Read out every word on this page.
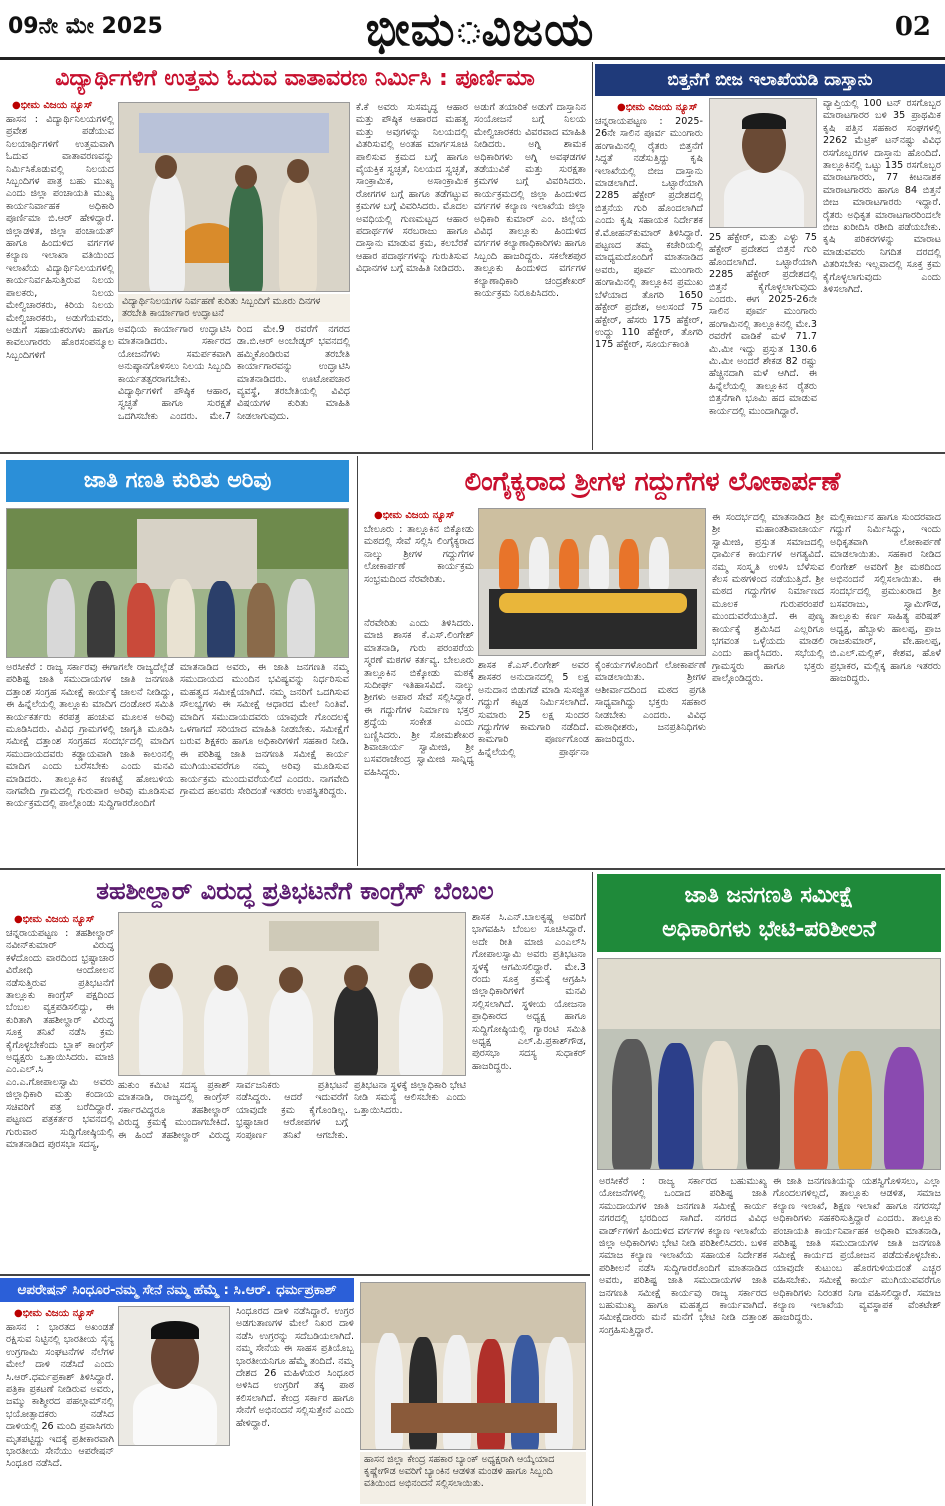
09ನೇ ಮೇ 2025	ಭೀಮ ವಿಜಯ	02
ವಿದ್ಯಾರ್ಥಿಗಳಿಗೆ ಉತ್ತಮ ಓದುವ ವಾತಾವರಣ ನಿರ್ಮಿಸಿ : ಪೂರ್ಣಿಮಾ
● ಭೀಮ ವಿಜಯ ನ್ಯೂಸ್
ಹಾಸನ : ವಿದ್ಯಾರ್ಥಿನಿಲಯಗಳಲ್ಲಿ ಪ್ರವೇಶ ಪಡೆಯುವ ನಿಲಯಾರ್ಥಿಗಳಿಗೆ ಉತ್ತಮವಾಗಿ ಓದುವ ವಾತಾವರಣವನ್ನು ನಿರ್ಮಿಸಿಕೊಡುವಲ್ಲಿ ನಿಲಯದ ಸಿಬ್ಬಂದಿಗಳ ಪಾತ್ರ ಬಹು ಮುಖ್ಯ ಎಂದು ಜಿಲ್ಲಾ ಪಂಚಾಯತಿ ಮುಖ್ಯ ಕಾರ್ಯನಿರ್ವಾಹಕ ಅಧಿಕಾರಿ ಪೂರ್ಣಿಮಾ ಬಿ.ಆರ್ ಹೇಳಿದ್ದಾರೆ. ಜಿಲ್ಲಾಡಳಿತ, ಜಿಲ್ಲಾ ಪಂಚಾಯತ್ ಹಾಗೂ ಹಿಂದುಳಿದ ವರ್ಗಗಳ ಕಲ್ಯಾಣ ಇಲಾಖಾ ವತಿಯಿಂದ ಇಲಾಖೆಯ ವಿದ್ಯಾರ್ಥಿನಿಲಯಗಳಲ್ಲಿ ಕಾರ್ಯನಿರ್ವಹಿಸುತ್ತಿರುವ ನಿಲಯ ಪಾಲಕರು, ನಿಲಯ ಮೇಲ್ವಿಚಾರಕರು, ಕಿರಿಯ ನಿಲಯ ಮೇಲ್ವಿಚಾರಕರು, ಅಡುಗೆಯವರು, ಅಡುಗೆ ಸಹಾಯಕರುಗಳು ಹಾಗೂ ಕಾವಲುಗಾರರು ಹೊರಸಂಪನ್ಮೂಲ ಸಿಬ್ಬಂದಿಗಳಿಗೆ
ವಿದ್ಯಾರ್ಥಿನಿಲಯಗಳ ನಿರ್ವಹಣೆ ಕುರಿತು ಸಿಬ್ಬಂದಿಗೆ ಮೂರು ದಿನಗಳ ತರಬೇತಿ ಕಾರ್ಯಾಗಾರ ಉದ್ಘಾಟನೆ
ಅವಧಿಯ ಕಾರ್ಯಾಗಾರ ಉದ್ಘಾಟಿಸಿ ಮಾತನಾಡಿದರು. ಸರ್ಕಾರದ ಯೋಜನೆಗಳು ಸಮರ್ಪಕವಾಗಿ ಅನುಷ್ಠಾನಗೊಳಿಸಲು ನಿಲಯ ಸಿಬ್ಬಂದಿ ಕಾರ್ಯತತ್ಪರರಾಗಬೇಕು. ವಿದ್ಯಾರ್ಥಿಗಳಿಗೆ ಪೌಷ್ಠಿಕ ಆಹಾರ, ಸ್ವಚ್ಛತೆ ಹಾಗೂ ಸುರಕ್ಷತೆ ಒದಗಿಸಬೇಕು ಎಂದರು. ಮೇ.7 ರಿಂದ ಮೇ.9 ರವರೆಗೆ ನಗರದ ಡಾ.ಬಿ.ಆರ್ ಅಂಬೇಡ್ಕರ್ ಭವನದಲ್ಲಿ ಹಮ್ಮಿಕೊಂಡಿರುವ ತರಬೇತಿ ಕಾರ್ಯಾಗಾರವನ್ನು ಉದ್ಘಾಟಿಸಿ ಮಾತನಾಡಿದರು. ಊಟೋಪಚಾರ ವ್ಯವಸ್ಥೆ, ತರಬೇತಿಯಲ್ಲಿ ವಿವಿಧ ವಿಷಯಗಳ ಕುರಿತು ಮಾಹಿತಿ ನೀಡಲಾಗುವುದು.
ಕೆ.ಕೆ ಅವರು ಸುಸಮೃದ್ಧ ಆಹಾರ ಮತ್ತು ಪೌಷ್ಠಿಕ ಆಹಾರದ ಮಹತ್ವ ಮತ್ತು ಅವುಗಳನ್ನು ನಿಲಯದಲ್ಲಿ ವಿತರಿಸುವಲ್ಲಿ ಅಂತಹ ಮಾರ್ಗಸೂಚಿ ಪಾಲಿಸುವ ಕ್ರಮದ ಬಗ್ಗೆ ಹಾಗೂ ವೈಯಕ್ತಿಕ ಸ್ವಚ್ಛತೆ, ನಿಲಯದ ಸ್ವಚ್ಛತೆ, ಸಾಂಕ್ರಾಮಿಕ, ಅಸಾಂಕ್ರಾಮಿಕ ರೋಗಗಳ ಬಗ್ಗೆ ಹಾಗೂ ತಡೆಗಟ್ಟುವ ಕ್ರಮಗಳ ಬಗ್ಗೆ ವಿವರಿಸಿದರು. ಮೊದಲ ಅವಧಿಯಲ್ಲಿ ಗುಣಮಟ್ಟದ ಆಹಾರ ಪದಾರ್ಥಗಳ ಸರಬರಾಜು ಹಾಗೂ ದಾಸ್ತಾನು ಮಾಡುವ ಕ್ರಮ, ಕಲಬೆರಕೆ ಆಹಾರ ಪದಾರ್ಥಗಳನ್ನು ಗುರುತಿಸುವ ವಿಧಾನಗಳ ಬಗ್ಗೆ ಮಾಹಿತಿ ನೀಡಿದರು.
ಅಡುಗೆ ತಯಾರಿಕೆ ಅಡುಗೆ ದಾಸ್ತಾನಿನ ಸಂಯೋಜನೆ ಬಗ್ಗೆ ನಿಲಯ ಮೇಲ್ವಿಚಾರಕರು ವಿವರವಾದ ಮಾಹಿತಿ ನೀಡಿದರು. ಅಗ್ನಿ ಶಾಮಕ ಅಧಿಕಾರಿಗಳು ಅಗ್ನಿ ಅವಘಡಗಳ ತಡೆಯುವಿಕೆ ಮತ್ತು ಸುರಕ್ಷತಾ ಕ್ರಮಗಳ ಬಗ್ಗೆ ವಿವರಿಸಿದರು. ಕಾರ್ಯಕ್ರಮದಲ್ಲಿ ಜಿಲ್ಲಾ ಹಿಂದುಳಿದ ವರ್ಗಗಳ ಕಲ್ಯಾಣ ಇಲಾಖೆಯ ಜಿಲ್ಲಾ ಅಧಿಕಾರಿ ಕುಮಾರ್ ಎಂ. ಜಿಲ್ಲೆಯ ವಿವಿಧ ತಾಲ್ಲೂಕು ಹಿಂದುಳಿದ ವರ್ಗಗಳ ಕಲ್ಯಾಣಾಧಿಕಾರಿಗಳು ಹಾಗೂ ಸಿಬ್ಬಂದಿ ಹಾಜರಿದ್ದರು. ಸಕಲೇಶಪುರ ತಾಲ್ಲೂಕು ಹಿಂದುಳಿದ ವರ್ಗಗಳ ಕಲ್ಯಾಣಾಧಿಕಾರಿ ಚಂದ್ರಶೇಖರ್ ಕಾರ್ಯಕ್ರಮ ನಿರೂಪಿಸಿದರು.
ಬಿತ್ತನೆಗೆ ಬೀಜ ಇಲಾಖೆಯಡಿ ದಾಸ್ತಾನು
● ಭೀಮ ವಿಜಯ ನ್ಯೂಸ್
ಚನ್ನರಾಯಪಟ್ಟಣ : 2025-26ನೇ ಸಾಲಿನ ಪೂರ್ವ ಮುಂಗಾರು ಹಂಗಾಮಿನಲ್ಲಿ ರೈತರು ಬಿತ್ತನೆಗೆ ಸಿದ್ಧತೆ ನಡೆಸುತ್ತಿದ್ದು ಕೃಷಿ ಇಲಾಖೆಯಲ್ಲಿ ಬೀಜ ದಾಸ್ತಾನು ಮಾಡಲಾಗಿದೆ. ಒಟ್ಟಾರೆಯಾಗಿ 2285 ಹೆಕ್ಟೇರ್ ಪ್ರದೇಶದಲ್ಲಿ ಬಿತ್ತನೆಯ ಗುರಿ ಹೊಂದಲಾಗಿದೆ ಎಂದು ಕೃಷಿ ಸಹಾಯಕ ನಿರ್ದೇಶಕ ಕೆ.ಮೋಹನ್‌ಕುಮಾರ್ ತಿಳಿಸಿದ್ದಾರೆ. ಪಟ್ಟಣದ ತಮ್ಮ ಕಚೇರಿಯಲ್ಲಿ ಮಾಧ್ಯಮದೊಂದಿಗೆ ಮಾತನಾಡಿದ ಅವರು, ಪೂರ್ವ ಮುಂಗಾರು ಹಂಗಾಮಿನಲ್ಲಿ ತಾಲ್ಲೂಕಿನ ಪ್ರಮುಖ ಬೆಳೆಯಾದ ತೊಗರಿ 1650 ಹೆಕ್ಟೇರ್ ಪ್ರದೇಶ, ಅಲಸಂದೆ 75 ಹೆಕ್ಟೇರ್, ಹೆಸರು 175 ಹೆಕ್ಟೇರ್, ಉದ್ದು 110 ಹೆಕ್ಟೇರ್, ತೊಗರಿ 175 ಹೆಕ್ಟೇರ್, ಸೂರ್ಯಕಾಂತಿ
25 ಹೆಕ್ಟೇರ್, ಮತ್ತು ಎಳ್ಳು 75 ಹೆಕ್ಟೇರ್ ಪ್ರದೇಶದ ಬಿತ್ತನೆ ಗುರಿ ಹೊಂದಲಾಗಿದೆ. ಒಟ್ಟಾರೆಯಾಗಿ 2285 ಹೆಕ್ಟೇರ್ ಪ್ರದೇಶದಲ್ಲಿ ಬಿತ್ತನೆ ಕೈಗೊಳ್ಳಲಾಗುವುದು ಎಂದರು. ಈಗ 2025-26ನೇ ಸಾಲಿನ ಪೂರ್ವ ಮುಂಗಾರು ಹಂಗಾಮಿನಲ್ಲಿ ತಾಲ್ಲೂಕಿನಲ್ಲಿ ಮೇ.3 ರವರೆಗೆ ವಾಡಿಕೆ ಮಳೆ 71.7 ಮಿ.ಮೀ ಇದ್ದು ಪ್ರಸ್ತುತ 130.6 ಮಿ.ಮೀ ಅಂದರೆ ಶೇಕಡ 82 ರಷ್ಟು ಹೆಚ್ಚಿನದಾಗಿ ಮಳೆ ಆಗಿದೆ. ಈ ಹಿನ್ನೆಲೆಯಲ್ಲಿ ತಾಲ್ಲೂಕಿನ ರೈತರು ಬಿತ್ತನೆಗಾಗಿ ಭೂಮಿ ಹದ ಮಾಡುವ ಕಾರ್ಯದಲ್ಲಿ ಮುಂದಾಗಿದ್ದಾರೆ.
ವ್ಯಾಪ್ತಿಯಲ್ಲಿ 100 ಟನ್ ರಸಗೊಬ್ಬರ ಮಾರಾಟಗಾರರ ಬಳಿ 35 ಪ್ರಾಥಮಿಕ ಕೃಷಿ ಪತ್ತಿನ ಸಹಕಾರ ಸಂಘಗಳಲ್ಲಿ 2262 ಮೆಟ್ರಿಕ್ ಟನ್‌ನಷ್ಟು ವಿವಿಧ ರಸಗೊಬ್ಬರಗಳ ದಾಸ್ತಾನು ಹೊಂದಿದೆ. ತಾಲ್ಲೂಕಿನಲ್ಲಿ ಒಟ್ಟು 135 ರಸಗೊಬ್ಬರ ಮಾರಾಟಗಾರರು, 77 ಕೀಟನಾಶಕ ಮಾರಾಟಗಾರರು ಹಾಗೂ 84 ಬಿತ್ತನೆ ಬೀಜ ಮಾರಾಟಗಾರರು ಇದ್ದಾರೆ. ರೈತರು ಅಧಿಕೃತ ಮಾರಾಟಗಾರರಿಂದಲೇ ಬೀಜ ಖರೀದಿಸಿ ರಶೀದಿ ಪಡೆಯಬೇಕು. ಕೃಷಿ ಪರಿಕರಗಳನ್ನು ಮಾರಾಟ ಮಾಡುವವರು ನಿಗದಿತ ದರದಲ್ಲಿ ವಿತರಿಸಬೇಕು ಇಲ್ಲವಾದಲ್ಲಿ ಸೂಕ್ತ ಕ್ರಮ ಕೈಗೊಳ್ಳಲಾಗುವುದು ಎಂದು ತಿಳಿಸಲಾಗಿದೆ.
ಜಾತಿ ಗಣತಿ ಕುರಿತು ಅರಿವು
ಅರಸೀಕೆರೆ : ರಾಜ್ಯ ಸರ್ಕಾರವು ಈಗಾಗಲೇ ರಾಜ್ಯದೆಲ್ಲೆಡೆ ಪರಿಶಿಷ್ಟ ಜಾತಿ ಸಮುದಾಯಗಳ ಜಾತಿ ಜನಗಣತಿ ದತ್ತಾಂಶ ಸಂಗ್ರಹ ಸಮೀಕ್ಷೆ ಕಾರ್ಯಕ್ಕೆ ಚಾಲನೆ ನೀಡಿದ್ದು, ಈ ಹಿನ್ನೆಲೆಯಲ್ಲಿ ತಾಲ್ಲೂಕು ಮಾದಿಗ ದಂಡೋರ ಸಮಿತಿ ಕಾರ್ಯಕರ್ತರು ಕರಪತ್ರ ಹಂಚುವ ಮೂಲಕ ಅರಿವು ಮೂಡಿಸಿದರು. ವಿವಿಧ ಗ್ರಾಮಗಳಲ್ಲಿ ಜಾಗೃತಿ ಮೂಡಿಸಿ ಸಮೀಕ್ಷೆ ದತ್ತಾಂಶ ಸಂಗ್ರಹದ ಸಂದರ್ಭದಲ್ಲಿ ಮಾದಿಗ ಸಮುದಾಯದವರು ಕಡ್ಡಾಯವಾಗಿ ಜಾತಿ ಕಾಲಂನಲ್ಲಿ ಮಾದಿಗ ಎಂದು ಬರೆಸಬೇಕು ಎಂದು ಮನವಿ ಮಾಡಿದರು. ತಾಲ್ಲೂಕಿನ ಕಣಕಟ್ಟೆ ಹೋಬಳಿಯ ನಾಗವೇದಿ ಗ್ರಾಮದಲ್ಲಿ ಗುರುವಾರ ಅರಿವು ಮೂಡಿಸುವ ಕಾರ್ಯಕ್ರಮದಲ್ಲಿ ಪಾಲ್ಗೊಂಡು ಸುದ್ದಿಗಾರರೊಂದಿಗೆ
ಮಾತನಾಡಿದ ಅವರು, ಈ ಜಾತಿ ಜನಗಣತಿ ನಮ್ಮ ಸಮುದಾಯದ ಮುಂದಿನ ಭವಿಷ್ಯವನ್ನು ನಿರ್ಧರಿಸುವ ಮಹತ್ವದ ಸಮೀಕ್ಷೆಯಾಗಿದೆ. ನಮ್ಮ ಜನರಿಗೆ ಒದಗಿಸುವ ಸೌಲಭ್ಯಗಳು ಈ ಸಮೀಕ್ಷೆ ಆಧಾರದ ಮೇಲೆ ನಿಂತಿವೆ. ಮಾದಿಗ ಸಮುದಾಯದವರು ಯಾವುದೇ ಗೊಂದಲಕ್ಕೆ ಒಳಗಾಗದೆ ಸರಿಯಾದ ಮಾಹಿತಿ ನೀಡಬೇಕು. ಸಮೀಕ್ಷೆಗೆ ಬರುವ ಶಿಕ್ಷಕರು ಹಾಗೂ ಅಧಿಕಾರಿಗಳಿಗೆ ಸಹಕಾರ ನೀಡಿ. ಈ ಪರಿಶಿಷ್ಟ ಜಾತಿ ಜನಗಣತಿ ಸಮೀಕ್ಷೆ ಕಾರ್ಯ ಮುಗಿಯುವವರೆಗೂ ನಮ್ಮ ಅರಿವು ಮೂಡಿಸುವ ಕಾರ್ಯಕ್ರಮ ಮುಂದುವರೆಯಲಿದೆ ಎಂದರು. ನಾಗವೇದಿ ಗ್ರಾಮದ ಹಲವರು ಸೇರಿದಂತೆ ಇತರರು ಉಪಸ್ಥಿತರಿದ್ದರು.
ಲಿಂಗೈಕ್ಯರಾದ ಶ್ರೀಗಳ ಗದ್ದುಗೆಗಳ ಲೋಕಾರ್ಪಣೆ
● ಭೀಮ ವಿಜಯ ನ್ಯೂಸ್
ಬೇಲೂರು : ತಾಲ್ಲೂಕಿನ ಬಿಕ್ಕೋಡು ಮಠದಲ್ಲಿ ಸೇವೆ ಸಲ್ಲಿಸಿ ಲಿಂಗೈಕ್ಯರಾದ ನಾಲ್ಕು ಶ್ರೀಗಳ ಗದ್ದುಗೆಗಳ ಲೋಕಾರ್ಪಣೆ ಕಾರ್ಯಕ್ರಮ ಸಂಭ್ರಮದಿಂದ ನೆರವೇರಿತು.
ನೆರವೇರಿತು ಎಂದು ತಿಳಿಸಿದರು. ಮಾಜಿ ಶಾಸಕ ಕೆ.ಎಸ್.ಲಿಂಗೇಶ್ ಮಾತನಾಡಿ, ಗುರು ಪರಂಪರೆಯ ಸ್ಮರಣೆ ಮಠಗಳ ಕರ್ತವ್ಯ. ಬೇಲೂರು ತಾಲ್ಲೂಕಿನ ಬಿಕ್ಕೋಡು ಮಠಕ್ಕೆ ಸುದೀರ್ಘ ಇತಿಹಾಸವಿದೆ. ನಾಲ್ಕು ಶ್ರೀಗಳು ಅಪಾರ ಸೇವೆ ಸಲ್ಲಿಸಿದ್ದಾರೆ. ಈ ಗದ್ದುಗೆಗಳ ನಿರ್ಮಾಣ ಭಕ್ತರ ಶ್ರದ್ಧೆಯ ಸಂಕೇತ ಎಂದು ಬಣ್ಣಿಸಿದರು. ಶ್ರೀ ಸೋಮಶೇಖರ ಶಿವಾಚಾರ್ಯ ಸ್ವಾಮೀಜಿ, ಶ್ರೀ ಬಸವರಾಜೇಂದ್ರ ಸ್ವಾಮೀಜಿ ಸಾನ್ನಿಧ್ಯ ವಹಿಸಿದ್ದರು.
ಶಾಸಕ ಕೆ.ಎಸ್.ಲಿಂಗೇಶ್ ಅವರ ಶಾಸಕರ ಅನುದಾನದಲ್ಲಿ 5 ಲಕ್ಷ ಅನುದಾನ ಬಿಡುಗಡೆ ಮಾಡಿ ಸುಸಜ್ಜಿತ ಗದ್ದುಗೆ ಕಟ್ಟಡ ನಿರ್ಮಿಸಲಾಗಿದೆ. ಸುಮಾರು 25 ಲಕ್ಷ ಸುಂದರ ಗದ್ದುಗೆಗಳ ಕಾಮಗಾರಿ ನಡೆದಿದೆ. ಕಾಮಗಾರಿ ಪೂರ್ಣಗೊಂಡ ಹಿನ್ನೆಲೆಯಲ್ಲಿ ಪ್ರಾರ್ಥನಾ ಕೈಂಕರ್ಯಗಳೊಂದಿಗೆ ಲೋಕಾರ್ಪಣೆ ಮಾಡಲಾಯಿತು. ಶ್ರೀಗಳ ಆಶೀರ್ವಾದದಿಂದ ಮಠದ ಪ್ರಗತಿ ಸಾಧ್ಯವಾಗಿದ್ದು ಭಕ್ತರು ಸಹಕಾರ ನೀಡಬೇಕು ಎಂದರು. ವಿವಿಧ ಮಠಾಧೀಶರು, ಜನಪ್ರತಿನಿಧಿಗಳು ಹಾಜರಿದ್ದರು.
ಈ ಸಂದರ್ಭದಲ್ಲಿ ಮಾತನಾಡಿದ ಶ್ರೀ ಶ್ರೀ ಮಹಾಂತಶಿವಾಚಾರ್ಯ ಸ್ವಾಮೀಜಿ, ಪ್ರಸ್ತುತ ಸಮಾಜದಲ್ಲಿ ಧಾರ್ಮಿಕ ಕಾರ್ಯಗಳ ಅಗತ್ಯವಿದೆ. ನಮ್ಮ ಸಂಸ್ಕೃತಿ ಉಳಿಸಿ ಬೆಳೆಸುವ ಕೆಲಸ ಮಠಗಳಿಂದ ನಡೆಯುತ್ತಿದೆ. ಶ್ರೀ ಮಠದ ಗದ್ದುಗೆಗಳ ನಿರ್ಮಾಣದ ಮೂಲಕ ಗುರುಪರಂಪರೆ ಮುಂದುವರೆಯುತ್ತಿದೆ. ಈ ಪುಣ್ಯ ಕಾರ್ಯಕ್ಕೆ ಶ್ರಮಿಸಿದ ಎಲ್ಲರಿಗೂ ಭಗವಂತ ಒಳ್ಳೆಯದು ಮಾಡಲಿ ಎಂದು ಹಾರೈಸಿದರು. ಸಭೆಯಲ್ಲಿ ಗ್ರಾಮಸ್ಥರು ಹಾಗೂ ಭಕ್ತರು ಪಾಲ್ಗೊಂಡಿದ್ದರು.
ಮಲ್ಲಿಕಾರ್ಜುನ ಹಾಗೂ ಸುಂದರವಾದ ಗದ್ದುಗೆ ನಿರ್ಮಿಸಿದ್ದು, ಇಂದು ಅಧಿಕೃತವಾಗಿ ಲೋಕಾರ್ಪಣೆ ಮಾಡಲಾಯಿತು. ಸಹಕಾರ ನೀಡಿದ ಲಿಂಗೇಶ್ ಅವರಿಗೆ ಶ್ರೀ ಮಠದಿಂದ ಅಭಿನಂದನೆ ಸಲ್ಲಿಸಲಾಯಿತು. ಈ ಸಂದರ್ಭದಲ್ಲಿ ಪ್ರಮುಖರಾದ ಶ್ರೀ ಬಸವರಾಜು, ಸ್ವಾಮಿಗೌಡ, ತಾಲ್ಲೂಕು ಕರ್ಣ ಸಾಹಿತ್ಯ ಪರಿಷತ್ ಅಧ್ಯಕ್ಷ, ಹೆಬ್ಬಾಳು ಹಾಲಪ್ಪ, ಪ್ರಾಜ ರಾಜಕುಮಾರ್, ವೇ.ಹಾಲಪ್ಪ, ಬಿ.ಎಲ್.ಮಲ್ಲಿಕ್, ಕೇಶವ, ಹೊಳೆ ಪ್ರಭಾಕರ, ಮಲ್ಲಿಕ್ಕ ಹಾಗೂ ಇತರರು ಹಾಜರಿದ್ದರು.
ತಹಶೀಲ್ದಾರ್ ವಿರುದ್ಧ ಪ್ರತಿಭಟನೆಗೆ ಕಾಂಗ್ರೆಸ್ ಬೆಂಬಲ
● ಭೀಮ ವಿಜಯ ನ್ಯೂಸ್
ಚನ್ನರಾಯಪಟ್ಟಣ : ತಹಶೀಲ್ದಾರ್ ನವೀನ್‌ಕುಮಾರ್ ವಿರುದ್ಧ ಕಳೆದೊಂದು ವಾರದಿಂದ ಭ್ರಷ್ಟಾಚಾರ ವಿರೋಧಿ ಆಂದೋಲನ ನಡೆಸುತ್ತಿರುವ ಪ್ರತಿಭಟನೆಗೆ ತಾಲ್ಲೂಕು ಕಾಂಗ್ರೆಸ್ ಪಕ್ಷದಿಂದ ಬೆಂಬಲ ವ್ಯಕ್ತಪಡಿಸಲಿದ್ದು, ಈ ಕುರಿತಾಗಿ ತಹಶೀಲ್ದಾರ್ ವಿರುದ್ಧ ಸೂಕ್ತ ತನಿಖೆ ನಡೆಸಿ ಕ್ರಮ ಕೈಗೊಳ್ಳಬೇಕೆಂದು ಬ್ಲಾಕ್ ಕಾಂಗ್ರೆಸ್ ಅಧ್ಯಕ್ಷರು ಒತ್ತಾಯಿಸಿದರು. ಮಾಜಿ ಎಂ.ಎಲ್.ಸಿ ಎಂ.ಎ.ಗೋಪಾಲಸ್ವಾಮಿ ಅವರು ಜಿಲ್ಲಾಧಿಕಾರಿ ಮತ್ತು ಕಂದಾಯ ಸಚಿವರಿಗೆ ಪತ್ರ ಬರೆದಿದ್ದಾರೆ. ಪಟ್ಟಣದ ಪತ್ರಕರ್ತರ ಭವನದಲ್ಲಿ ಗುರುವಾರ ಸುದ್ದಿಗೋಷ್ಠಿಯಲ್ಲಿ ಮಾತನಾಡಿದ ಪುರಸಭಾ ಸದಸ್ಯ,
ಹುಕುಂ ಕಮಿಟಿ ಸದಸ್ಯ ಪ್ರಕಾಶ್ ಮಾತನಾಡಿ, ರಾಜ್ಯದಲ್ಲಿ ಕಾಂಗ್ರೆಸ್ ಸರ್ಕಾರವಿದ್ದರೂ ತಹಶೀಲ್ದಾರ್ ವಿರುದ್ಧ ಕ್ರಮಕ್ಕೆ ಮುಂದಾಗಬೇಕಿದೆ. ಈ ಹಿಂದೆ ತಹಶೀಲ್ದಾರ್ ವಿರುದ್ಧ ಸಾರ್ವಜನಿಕರು ಪ್ರತಿಭಟನೆ ನಡೆಸಿದ್ದರು. ಆದರೆ ಇದುವರೆಗೆ ಯಾವುದೇ ಕ್ರಮ ಕೈಗೊಂಡಿಲ್ಲ. ಭ್ರಷ್ಟಾಚಾರ ಆರೋಪಗಳ ಬಗ್ಗೆ ಸಂಪೂರ್ಣ ತನಿಖೆ ಆಗಬೇಕು. ಪ್ರತಿಭಟನಾ ಸ್ಥಳಕ್ಕೆ ಜಿಲ್ಲಾಧಿಕಾರಿ ಭೇಟಿ ನೀಡಿ ಸಮಸ್ಯೆ ಆಲಿಸಬೇಕು ಎಂದು ಒತ್ತಾಯಿಸಿದರು.
ಶಾಸಕ ಸಿ.ಎನ್.ಬಾಲಕೃಷ್ಣ ಅವರಿಗೆ ಭಾಗವಹಿಸಿ ಬೆಂಬಲ ಸೂಚಿಸಿದ್ದಾರೆ. ಅದೇ ರೀತಿ ಮಾಜಿ ಎಂಎಲ್‌ಸಿ ಗೋಪಾಲಸ್ವಾಮಿ ಅವರು ಪ್ರತಿಭಟನಾ ಸ್ಥಳಕ್ಕೆ ಆಗಮಿಸಲಿದ್ದಾರೆ. ಮೇ.3 ರಂದು ಸೂಕ್ತ ಕ್ರಮಕ್ಕೆ ಆಗ್ರಹಿಸಿ ಜಿಲ್ಲಾಧಿಕಾರಿಗಳಿಗೆ ಮನವಿ ಸಲ್ಲಿಸಲಾಗಿದೆ. ಸ್ಥಳೀಯ ಯೋಜನಾ ಪ್ರಾಧಿಕಾರದ ಅಧ್ಯಕ್ಷ ಹಾಗೂ ಸುದ್ದಿಗೋಷ್ಠಿಯಲ್ಲಿ ಗ್ಯಾರಂಟಿ ಸಮಿತಿ ಅಧ್ಯಕ್ಷ ಎಲ್.ಪಿ.ಪ್ರಕಾಶ್‌ಗೌಡ, ಪುರಸಭಾ ಸದಸ್ಯ ಸುಧಾಕರ್ ಹಾಜರಿದ್ದರು.
ಜಾತಿ ಜನಗಣತಿ ಸಮೀಕ್ಷೆ
ಅಧಿಕಾರಿಗಳು ಭೇಟಿ-ಪರಿಶೀಲನೆ
ಅರಸೀಕೆರೆ : ರಾಜ್ಯ ಸರ್ಕಾರದ ಬಹುಮುಖ್ಯ ಯೋಜನೆಗಳಲ್ಲಿ ಒಂದಾದ ಪರಿಶಿಷ್ಟ ಜಾತಿ ಸಮುದಾಯಗಳ ಜಾತಿ ಜನಗಣತಿ ಸಮೀಕ್ಷೆ ಕಾರ್ಯ ನಗರದಲ್ಲಿ ಭರದಿಂದ ಸಾಗಿದೆ. ನಗರದ ವಿವಿಧ ವಾರ್ಡ್‌ಗಳಿಗೆ ಹಿಂದುಳಿದ ವರ್ಗಗಳ ಕಲ್ಯಾಣ ಇಲಾಖೆಯ ಜಿಲ್ಲಾ ಅಧಿಕಾರಿಗಳು ಭೇಟಿ ನೀಡಿ ಪರಿಶೀಲಿಸಿದರು. ಬಳಿಕ ಸಮಾಜ ಕಲ್ಯಾಣ ಇಲಾಖೆಯ ಸಹಾಯಕ ನಿರ್ದೇಶಕ ಪರಿಶೀಲನೆ ನಡೆಸಿ ಸುದ್ದಿಗಾರರೊಂದಿಗೆ ಮಾತನಾಡಿದ ಅವರು, ಪರಿಶಿಷ್ಟ ಜಾತಿ ಸಮುದಾಯಗಳ ಜಾತಿ ಜನಗಣತಿ ಸಮೀಕ್ಷೆ ಕಾರ್ಯವು ರಾಜ್ಯ ಸರ್ಕಾರದ ಬಹುಮುಖ್ಯ ಹಾಗೂ ಮಹತ್ವದ ಕಾರ್ಯವಾಗಿದೆ. ಸಮೀಕ್ಷೆದಾರರು ಮನೆ ಮನೆಗೆ ಭೇಟಿ ನೀಡಿ ದತ್ತಾಂಶ ಸಂಗ್ರಹಿಸುತ್ತಿದ್ದಾರೆ.
ಈ ಜಾತಿ ಜನಗಣತಿಯನ್ನು ಯಶಸ್ವಿಗೊಳಿಸಲು, ಎಲ್ಲಾ ಗೊಂದಲಗಳಿಲ್ಲದೆ, ತಾಲ್ಲೂಕು ಆಡಳಿತ, ಸಮಾಜ ಕಲ್ಯಾಣ ಇಲಾಖೆ, ಶಿಕ್ಷಣ ಇಲಾಖೆ ಹಾಗೂ ನಗರಸಭೆ ಅಧಿಕಾರಿಗಳು ಸಹಕರಿಸುತ್ತಿದ್ದಾರೆ ಎಂದರು. ತಾಲ್ಲೂಕು ಪಂಚಾಯತಿ ಕಾರ್ಯನಿರ್ವಾಹಕ ಅಧಿಕಾರಿ ಮಾತನಾಡಿ, ಪರಿಶಿಷ್ಟ ಜಾತಿ ಸಮುದಾಯಗಳ ಜಾತಿ ಜನಗಣತಿ ಸಮೀಕ್ಷೆ ಕಾರ್ಯದ ಪ್ರಯೋಜನ ಪಡೆದುಕೊಳ್ಳಬೇಕು. ಯಾವುದೇ ಕುಟುಂಬ ಹೊರಗುಳಿಯದಂತೆ ಎಚ್ಚರ ವಹಿಸಬೇಕು. ಸಮೀಕ್ಷೆ ಕಾರ್ಯ ಮುಗಿಯುವವರೆಗೂ ಅಧಿಕಾರಿಗಳು ನಿರಂತರ ನಿಗಾ ವಹಿಸಲಿದ್ದಾರೆ. ಸಮಾಜ ಕಲ್ಯಾಣ ಇಲಾಖೆಯ ವ್ಯವಸ್ಥಾಪಕ ವೆಂಕಟೇಶ್ ಹಾಜರಿದ್ದರು.
ಆಪರೇಷನ್ ಸಿಂಧೂರ-ನಮ್ಮ ಸೇನೆ ನಮ್ಮ ಹೆಮ್ಮೆ : ಸಿ.ಆರ್. ಧರ್ಮಪ್ರಕಾಶ್
● ಭೀಮ ವಿಜಯ ನ್ಯೂಸ್
ಹಾಸನ : ಭಾರತದ ಅಖಂಡತೆ ರಕ್ಷಿಸುವ ನಿಟ್ಟಿನಲ್ಲಿ ಭಾರತೀಯ ಸೈನ್ಯ ಉಗ್ರಗಾಮಿ ಸಂಘಟನೆಗಳ ನೆಲೆಗಳ ಮೇಲೆ ದಾಳಿ ನಡೆಸಿದೆ ಎಂದು ಸಿ.ಆರ್.ಧರ್ಮಪ್ರಕಾಶ್ ತಿಳಿಸಿದ್ದಾರೆ. ಪತ್ರಿಕಾ ಪ್ರಕಟಣೆ ನೀಡಿರುವ ಅವರು, ಜಮ್ಮು ಕಾಶ್ಮೀರದ ಪಹಲ್ಗಾಮ್‌ನಲ್ಲಿ ಭಯೋತ್ಪಾದಕರು ನಡೆಸಿದ ದಾಳಿಯಲ್ಲಿ 26 ಮಂದಿ ಪ್ರವಾಸಿಗರು ಮೃತಪಟ್ಟಿದ್ದು ಇದಕ್ಕೆ ಪ್ರತೀಕಾರವಾಗಿ ಭಾರತೀಯ ಸೇನೆಯು ಆಪರೇಷನ್ ಸಿಂಧೂರ ನಡೆಸಿದೆ.
ಸಿಂಧೂರದ ದಾಳಿ ನಡೆಸಿದ್ದಾರೆ. ಉಗ್ರರ ಅಡಗುತಾಣಗಳ ಮೇಲೆ ನಿಖರ ದಾಳಿ ನಡೆಸಿ ಉಗ್ರರನ್ನು ಸದೆಬಡಿಯಲಾಗಿದೆ. ನಮ್ಮ ಸೇನೆಯ ಈ ಸಾಹಸ ಪ್ರತಿಯೊಬ್ಬ ಭಾರತೀಯನಿಗೂ ಹೆಮ್ಮೆ ತಂದಿದೆ. ನಮ್ಮ ದೇಶದ 26 ಮಹಿಳೆಯರ ಸಿಂಧೂರ ಅಳಿಸಿದ ಉಗ್ರರಿಗೆ ತಕ್ಕ ಪಾಠ ಕಲಿಸಲಾಗಿದೆ. ಕೇಂದ್ರ ಸರ್ಕಾರ ಹಾಗೂ ಸೇನೆಗೆ ಅಭಿನಂದನೆ ಸಲ್ಲಿಸುತ್ತೇನೆ ಎಂದು ಹೇಳಿದ್ದಾರೆ.
ಹಾಸನ ಜಿಲ್ಲಾ ಕೇಂದ್ರ ಸಹಕಾರ ಬ್ಯಾಂಕ್ ಅಧ್ಯಕ್ಷರಾಗಿ ಆಯ್ಕೆಯಾದ ಕೃಷ್ಣೇಗೌಡ ಅವರಿಗೆ ಬ್ಯಾಂಕಿನ ಆಡಳಿತ ಮಂಡಳಿ ಹಾಗೂ ಸಿಬ್ಬಂದಿ ವತಿಯಿಂದ ಅಭಿನಂದನೆ ಸಲ್ಲಿಸಲಾಯಿತು.
